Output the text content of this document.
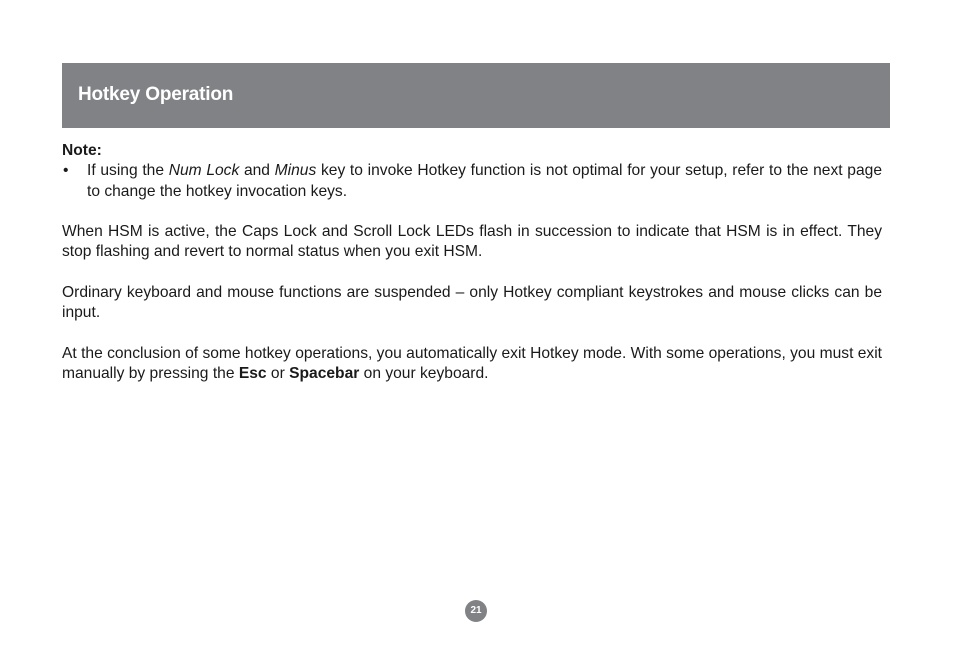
Hotkey Operation

Note:

• If using the Num Lock and Minus key to invoke Hotkey function is not optimal for your setup, refer to the next page to change the hotkey invocation keys.

When HSM is active, the Caps Lock and Scroll Lock LEDs flash in succession to indicate that HSM is in effect. They stop flashing and revert to normal status when you exit HSM.

Ordinary keyboard and mouse functions are suspended – only Hotkey compliant keystrokes and mouse clicks can be input.

At the conclusion of some hotkey operations, you automatically exit Hotkey mode. With some operations, you must exit manually by pressing the Esc or Spacebar on your keyboard.

21
